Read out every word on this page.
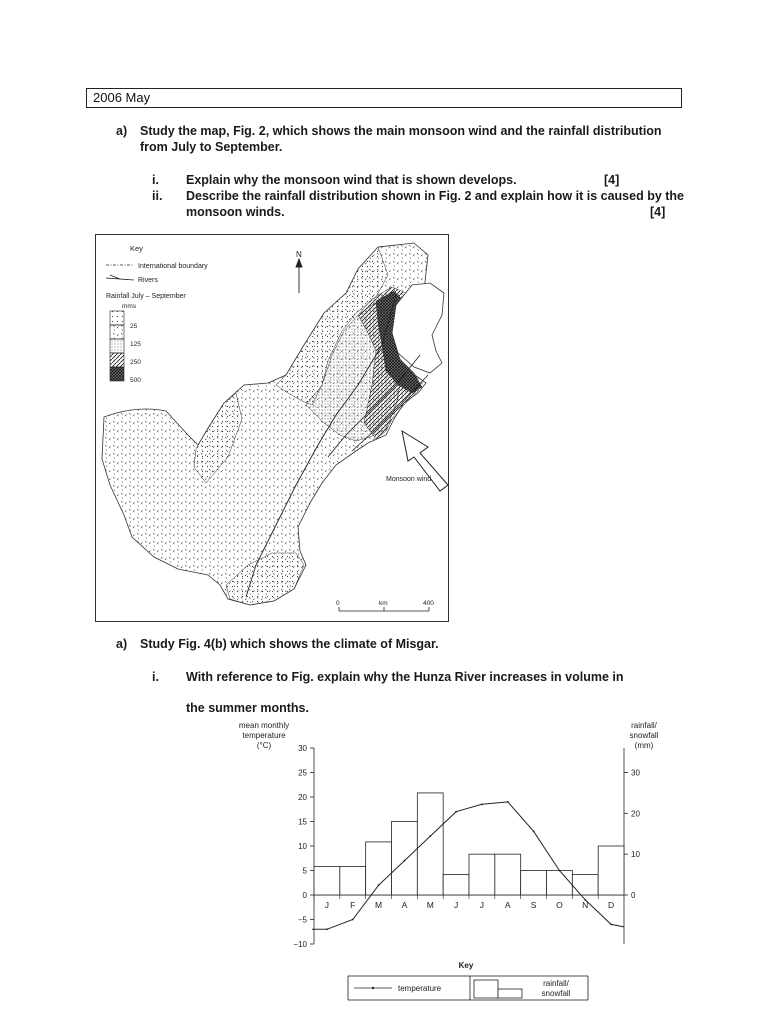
2006 May
a) Study the map, Fig. 2, which shows the main monsoon wind and the rainfall distribution
from July to September.
i. Explain why the monsoon wind that is shown develops.	[4]
ii. Describe the rainfall distribution shown in Fig. 2 and explain how it is caused by the
monsoon winds.	[4]
Key
International boundary
Rivers
Rainfall July – September
mms
25
125
250
500
N
Monsoon wind
0	km	400
a) Study Fig. 4(b) which shows the climate of Misgar.
i. With reference to Fig. explain why the Hunza River increases in volume in
the summer months.
mean monthly
temperature
(°C)
rainfall/
snowfall
(mm)
30
25
20
15
10
5
0
−5
−10
30
20
10
0
J F M A M J	J A S O N D
Key
temperature
rainfall/
snowfall
